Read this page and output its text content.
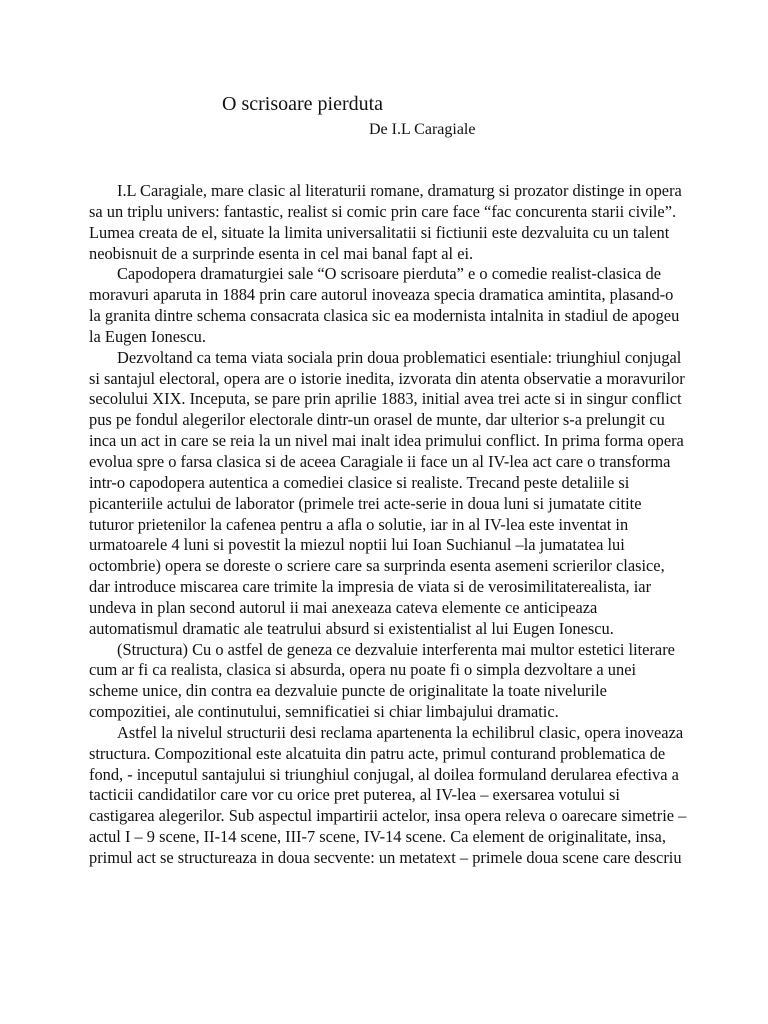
O scrisoare pierduta
De I.L Caragiale

I.L Caragiale, mare clasic al literaturii romane, dramaturg si prozator distinge in opera sa un triplu univers: fantastic, realist si comic prin care face “fac concurenta starii civile”. Lumea creata de el, situate la limita universalitatii si fictiunii este dezvaluita cu un talent neobisnuit de a surprinde esenta in cel mai banal fapt al ei.

Capodopera dramaturgiei sale “O scrisoare pierduta” e o comedie realist-clasica de moravuri aparuta in 1884 prin care autorul inoveaza specia dramatica amintita, plasand-o la granita dintre schema consacrata clasica sic ea modernista intalnita in stadiul de apogeu la Eugen Ionescu.

Dezvoltand ca tema viata sociala prin doua problematici esentiale: triunghiul conjugal si santajul electoral, opera are o istorie inedita, izvorata din atenta observatie a moravurilor secolului XIX. Inceputa, se pare prin aprilie 1883, initial avea trei acte si in singur conflict pus pe fondul alegerilor electorale dintr-un orasel de munte, dar ulterior s-a prelungit cu inca un act in care se reia la un nivel mai inalt idea primului conflict. In prima forma opera evolua spre o farsa clasica si de aceea Caragiale ii face un al IV-lea act care o transforma intr-o capodopera autentica a comediei clasice si realiste. Trecand peste detaliile si picanteriile actului de laborator (primele trei acte-serie in doua luni si jumatate citite tuturor prietenilor la cafenea pentru a afla o solutie, iar in al IV-lea este inventat in urmatoarele 4 luni si povestit la miezul noptii lui Ioan Suchianul –la jumatatea lui octombrie) opera se doreste o scriere care sa surprinda esenta asemeni scrierilor clasice, dar introduce miscarea care trimite la impresia de viata si de verosimilitaterealista, iar undeva in plan second autorul ii mai anexeaza cateva elemente ce anticipeaza automatismul dramatic ale teatrului absurd si existentialist al lui Eugen Ionescu.

(Structura) Cu o astfel de geneza ce dezvaluie interferenta mai multor estetici literare cum ar fi ca realista, clasica si absurda, opera nu poate fi o simpla dezvoltare a unei scheme unice, din contra ea dezvaluie puncte de originalitate la toate nivelurile compozitiei, ale continutului, semnificatiei si chiar limbajului dramatic.

Astfel la nivelul structurii desi reclama apartenenta la echilibrul clasic, opera inoveaza structura. Compozitional este alcatuita din patru acte, primul conturand problematica de fond, - inceputul santajului si triunghiul conjugal, al doilea formuland derularea efectiva a tacticii candidatilor care vor cu orice pret puterea, al IV-lea – exersarea votului si castigarea alegerilor. Sub aspectul impartirii actelor, insa opera releva o oarecare simetrie – actul I – 9 scene, II-14 scene, III-7 scene, IV-14 scene. Ca element de originalitate, insa, primul act se structureaza in doua secvente: un metatext – primele doua scene care descriu
